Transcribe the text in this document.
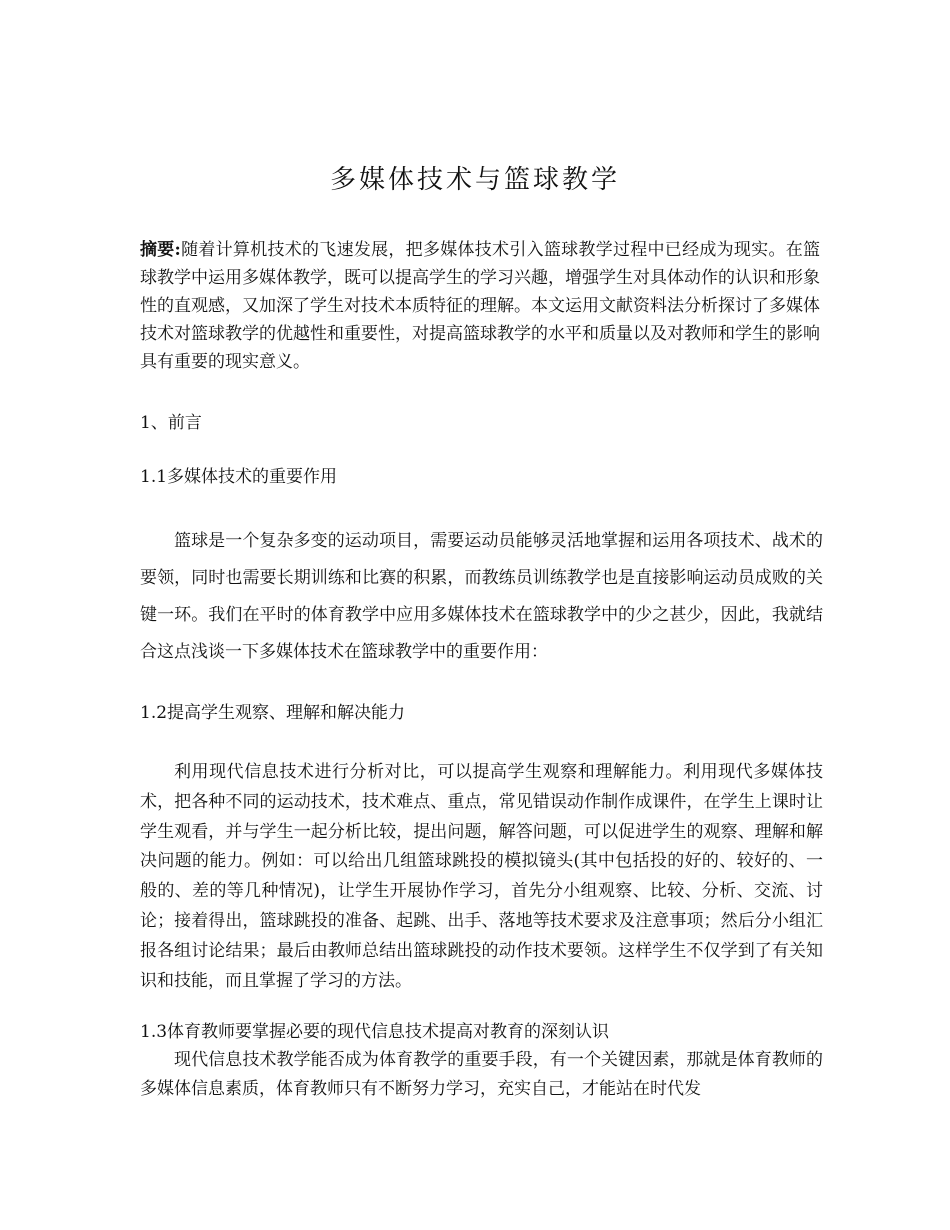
多媒体技术与篮球教学
摘要:随着计算机技术的飞速发展，把多媒体技术引入篮球教学过程中已经成为现实。在篮球教学中运用多媒体教学，既可以提高学生的学习兴趣，增强学生对具体动作的认识和形象性的直观感，又加深了学生对技术本质特征的理解。本文运用文献资料法分析探讨了多媒体技术对篮球教学的优越性和重要性，对提高篮球教学的水平和质量以及对教师和学生的影响具有重要的现实意义。
1、前言
1.1多媒体技术的重要作用
篮球是一个复杂多变的运动项目，需要运动员能够灵活地掌握和运用各项技术、战术的要领，同时也需要长期训练和比赛的积累，而教练员训练教学也是直接影响运动员成败的关键一环。我们在平时的体育教学中应用多媒体技术在篮球教学中的少之甚少，因此，我就结合这点浅谈一下多媒体技术在篮球教学中的重要作用：
1.2提高学生观察、理解和解决能力
利用现代信息技术进行分析对比，可以提高学生观察和理解能力。利用现代多媒体技术，把各种不同的运动技术，技术难点、重点，常见错误动作制作成课件，在学生上课时让学生观看，并与学生一起分析比较，提出问题，解答问题，可以促进学生的观察、理解和解决问题的能力。例如：可以给出几组篮球跳投的模拟镜头(其中包括投的好的、较好的、一般的、差的等几种情况)，让学生开展协作学习，首先分小组观察、比较、分析、交流、讨论；接着得出，篮球跳投的准备、起跳、出手、落地等技术要求及注意事项；然后分小组汇报各组讨论结果；最后由教师总结出篮球跳投的动作技术要领。这样学生不仅学到了有关知识和技能，而且掌握了学习的方法。
1.3体育教师要掌握必要的现代信息技术提高对教育的深刻认识
现代信息技术教学能否成为体育教学的重要手段，有一个关键因素，那就是体育教师的多媒体信息素质，体育教师只有不断努力学习，充实自己，才能站在时代发
